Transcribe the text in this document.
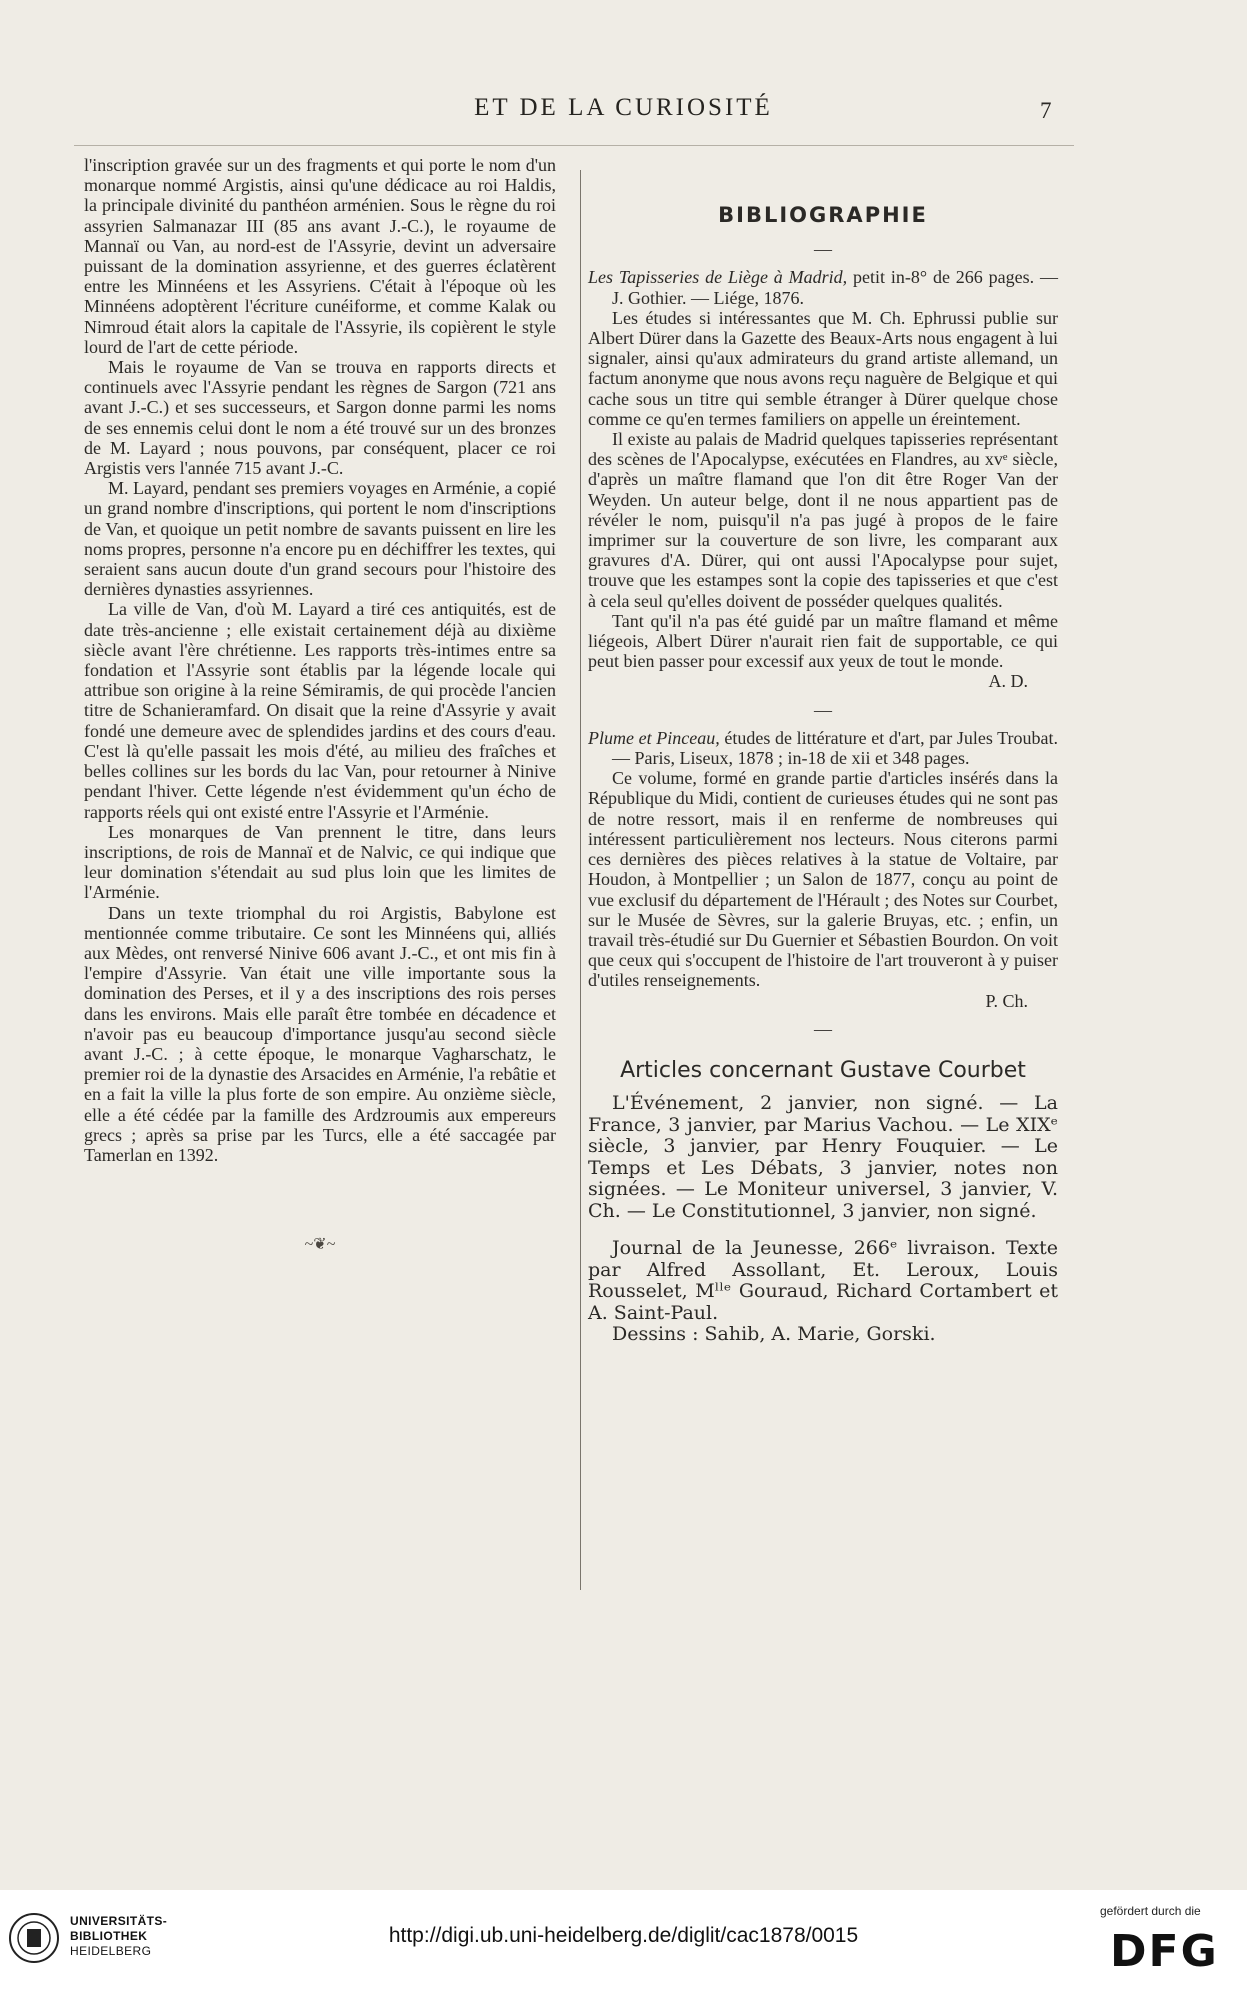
ET DE LA CURIOSITÉ	7

l'inscription gravée sur un des fragments et qui porte le nom d'un monarque nommé Argistis, ainsi qu'une dédicace au roi Haldis, la principale divinité du panthéon arménien. Sous le règne du roi assyrien Salmanazar III (85 ans avant J.-C.), le royaume de Mannaï ou Van, au nord-est de l'Assyrie, devint un adversaire puissant de la domination assyrienne, et des guerres éclatèrent entre les Minnéens et les Assyriens. C'était à l'époque où les Minnéens adoptèrent l'écriture cunéiforme, et comme Kalak ou Nimroud était alors la capitale de l'Assyrie, ils copièrent le style lourd de l'art de cette période.

Mais le royaume de Van se trouva en rapports directs et continuels avec l'Assyrie pendant les règnes de Sargon (721 ans avant J.-C.) et ses successeurs, et Sargon donne parmi les noms de ses ennemis celui dont le nom a été trouvé sur un des bronzes de M. Layard ; nous pouvons, par conséquent, placer ce roi Argistis vers l'année 715 avant J.-C.

M. Layard, pendant ses premiers voyages en Arménie, a copié un grand nombre d'inscriptions, qui portent le nom d'inscriptions de Van, et quoique un petit nombre de savants puissent en lire les noms propres, personne n'a encore pu en déchiffrer les textes, qui seraient sans aucun doute d'un grand secours pour l'histoire des dernières dynasties assyriennes.

La ville de Van, d'où M. Layard a tiré ces antiquités, est de date très-ancienne ; elle existait certainement déjà au dixième siècle avant l'ère chrétienne. Les rapports très-intimes entre sa fondation et l'Assyrie sont établis par la légende locale qui attribue son origine à la reine Sémiramis, de qui procède l'ancien titre de Schanieramfard. On disait que la reine d'Assyrie y avait fondé une demeure avec de splendides jardins et des cours d'eau. C'est là qu'elle passait les mois d'été, au milieu des fraîches et belles collines sur les bords du lac Van, pour retourner à Ninive pendant l'hiver. Cette légende n'est évidemment qu'un écho de rapports réels qui ont existé entre l'Assyrie et l'Arménie.

Les monarques de Van prennent le titre, dans leurs inscriptions, de rois de Mannaï et de Nalvic, ce qui indique que leur domination s'étendait au sud plus loin que les limites de l'Arménie.

Dans un texte triomphal du roi Argistis, Babylone est mentionnée comme tributaire. Ce sont les Minnéens qui, alliés aux Mèdes, ont renversé Ninive 606 avant J.-C., et ont mis fin à l'empire d'Assyrie. Van était une ville importante sous la domination des Perses, et il y a des inscriptions des rois perses dans les environs. Mais elle paraît être tombée en décadence et n'avoir pas eu beaucoup d'importance jusqu'au second siècle avant J.-C. ; à cette époque, le monarque Vagharschatz, le premier roi de la dynastie des Arsacides en Arménie, l'a rebâtie et en a fait la ville la plus forte de son empire. Au onzième siècle, elle a été cédée par la famille des Ardzroumis aux empereurs grecs ; après sa prise par les Turcs, elle a été saccagée par Tamerlan en 1392.

~❦~
BIBLIOGRAPHIE
—

Les Tapisseries de Liège à Madrid, petit in-8° de 266 pages. — J. Gothier. — Liége, 1876.

Les études si intéressantes que M. Ch. Ephrussi publie sur Albert Dürer dans la Gazette des Beaux-Arts nous engagent à lui signaler, ainsi qu'aux admirateurs du grand artiste allemand, un factum anonyme que nous avons reçu naguère de Belgique et qui cache sous un titre qui semble étranger à Dürer quelque chose comme ce qu'en termes familiers on appelle un éreintement.

Il existe au palais de Madrid quelques tapisseries représentant des scènes de l'Apocalypse, exécutées en Flandres, au xvᵉ siècle, d'après un maître flamand que l'on dit être Roger Van der Weyden. Un auteur belge, dont il ne nous appartient pas de révéler le nom, puisqu'il n'a pas jugé à propos de le faire imprimer sur la couverture de son livre, les comparant aux gravures d'A. Dürer, qui ont aussi l'Apocalypse pour sujet, trouve que les estampes sont la copie des tapisseries et que c'est à cela seul qu'elles doivent de posséder quelques qualités.

Tant qu'il n'a pas été guidé par un maître flamand et même liégeois, Albert Dürer n'aurait rien fait de supportable, ce qui peut bien passer pour excessif aux yeux de tout le monde.

A. D.

—

Plume et Pinceau, études de littérature et d'art, par Jules Troubat. — Paris, Liseux, 1878 ; in-18 de xii et 348 pages.

Ce volume, formé en grande partie d'articles insérés dans la République du Midi, contient de curieuses études qui ne sont pas de notre ressort, mais il en renferme de nombreuses qui intéressent particulièrement nos lecteurs. Nous citerons parmi ces dernières des pièces relatives à la statue de Voltaire, par Houdon, à Montpellier ; un Salon de 1877, conçu au point de vue exclusif du département de l'Hérault ; des Notes sur Courbet, sur le Musée de Sèvres, sur la galerie Bruyas, etc. ; enfin, un travail très-étudié sur Du Guernier et Sébastien Bourdon. On voit que ceux qui s'occupent de l'histoire de l'art trouveront à y puiser d'utiles renseignements.

P. Ch.

—
Articles concernant Gustave Courbet

L'Événement, 2 janvier, non signé. — La France, 3 janvier, par Marius Vachou. — Le XIXᵉ siècle, 3 janvier, par Henry Fouquier. — Le Temps et Les Débats, 3 janvier, notes non signées. — Le Moniteur universel, 3 janvier, V. Ch. — Le Constitutionnel, 3 janvier, non signé.

Journal de la Jeunesse, 266ᵉ livraison. Texte par Alfred Assollant, Et. Leroux, Louis Rousselet, Mˡˡᵉ Gouraud, Richard Cortambert et A. Saint-Paul.

Dessins : Sahib, A. Marie, Gorski.

UNIVERSITÄTS-
BIBLIOTHEK
HEIDELBERG
http://digi.ub.uni-heidelberg.de/diglit/cac1878/0015
gefördert durch die
DFG
